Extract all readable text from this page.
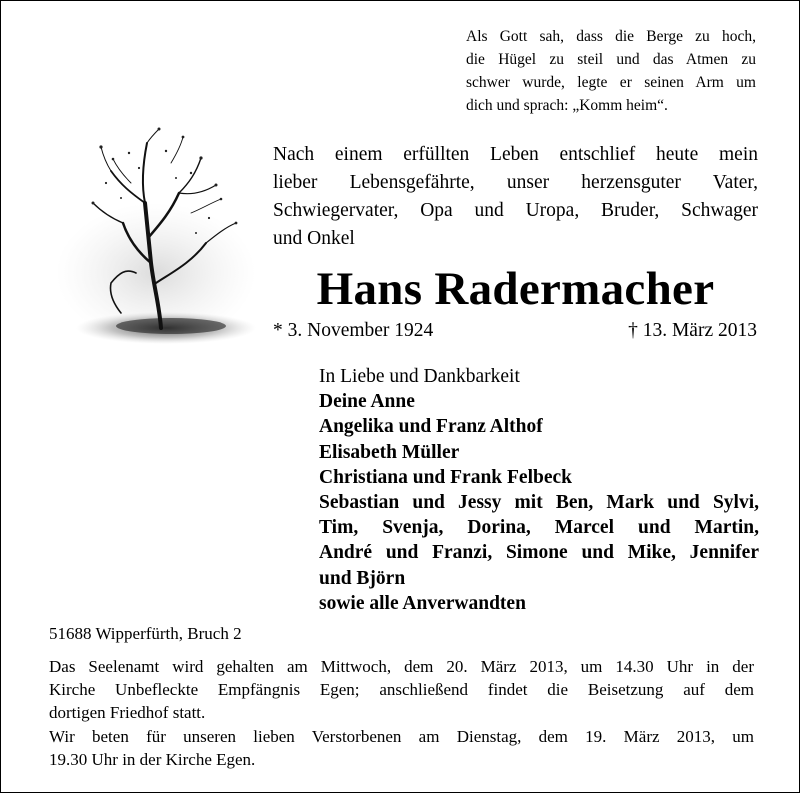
Als Gott sah, dass die Berge zu hoch,
die Hügel zu steil und das Atmen zu
schwer wurde, legte er seinen Arm um
dich und sprach: „Komm heim“.
Nach einem erfüllten Leben entschlief heute mein
lieber Lebensgefährte, unser herzensguter Vater,
Schwiegervater, Opa und Uropa, Bruder, Schwager
und Onkel
Hans Radermacher
* 3. November 1924	† 13. März 2013
In Liebe und Dankbarkeit
Deine Anne
Angelika und Franz Althof
Elisabeth Müller
Christiana und Frank Felbeck
Sebastian und Jessy mit Ben, Mark und Sylvi,
Tim, Svenja, Dorina, Marcel und Martin,
André und Franzi, Simone und Mike, Jennifer
und Björn
sowie alle Anverwandten
51688 Wipperfürth, Bruch 2
Das Seelenamt wird gehalten am Mittwoch, dem 20. März 2013, um 14.30 Uhr in der
Kirche Unbefleckte Empfängnis Egen; anschließend findet die Beisetzung auf dem
dortigen Friedhof statt.
Wir beten für unseren lieben Verstorbenen am Dienstag, dem 19. März 2013, um
19.30 Uhr in der Kirche Egen.
